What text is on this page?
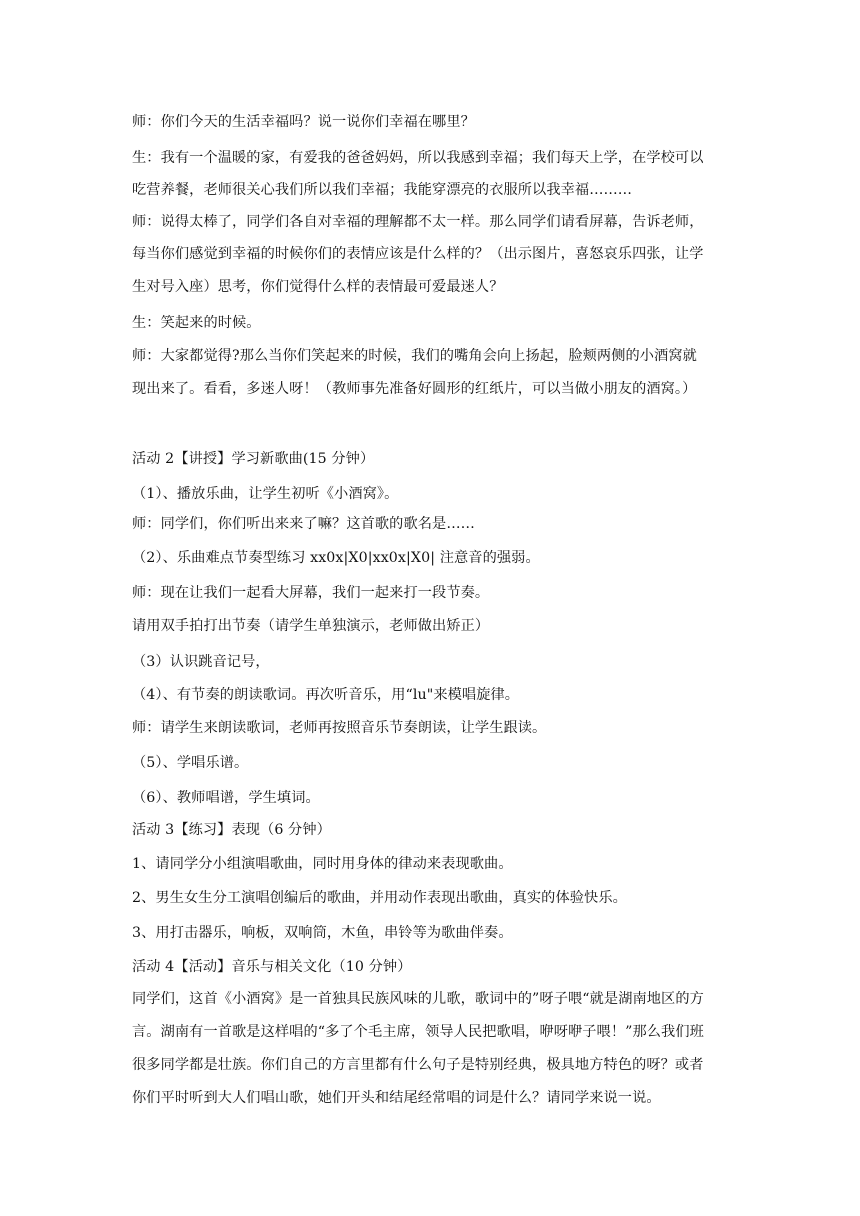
师：你们今天的生活幸福吗？说一说你们幸福在哪里？
生：我有一个温暖的家，有爱我的爸爸妈妈，所以我感到幸福；我们每天上学，在学校可以
吃营养餐，老师很关心我们所以我们幸福；我能穿漂亮的衣服所以我幸福………
师：说得太棒了，同学们各自对幸福的理解都不太一样。那么同学们请看屏幕，告诉老师，
每当你们感觉到幸福的时候你们的表情应该是什么样的？（出示图片，喜怒哀乐四张，让学
生对号入座）思考，你们觉得什么样的表情最可爱最迷人？
生：笑起来的时候。
师：大家都觉得?那么当你们笑起来的时候，我们的嘴角会向上扬起，脸颊两侧的小酒窝就
现出来了。看看，多迷人呀！（教师事先准备好圆形的红纸片，可以当做小朋友的酒窝。）
活动 2【讲授】学习新歌曲(15 分钟）
（1）、播放乐曲，让学生初听《小酒窝》。
师：同学们，你们听出来来了嘛？这首歌的歌名是……
（2）、乐曲难点节奏型练习 xx0x|X0|xx0x|X0| 注意音的强弱。
师：现在让我们一起看大屏幕，我们一起来打一段节奏。
请用双手拍打出节奏（请学生单独演示，老师做出矫正）
（3）认识跳音记号，
（4）、有节奏的朗读歌词。再次听音乐，用“lu"来模唱旋律。
师：请学生来朗读歌词，老师再按照音乐节奏朗读，让学生跟读。
（5）、学唱乐谱。
（6）、教师唱谱，学生填词。
活动 3【练习】表现（6 分钟）
1、请同学分小组演唱歌曲，同时用身体的律动来表现歌曲。
2、男生女生分工演唱创编后的歌曲，并用动作表现出歌曲，真实的体验快乐。
3、用打击器乐，响板，双响筒，木鱼，串铃等为歌曲伴奏。
活动 4【活动】音乐与相关文化（10 分钟）
同学们，这首《小酒窝》是一首独具民族风味的儿歌，歌词中的”呀子喂“就是湖南地区的方
言。湖南有一首歌是这样唱的“多了个毛主席，领导人民把歌唱，咿呀咿子喂！”那么我们班
很多同学都是壮族。你们自己的方言里都有什么句子是特别经典，极具地方特色的呀？或者
你们平时听到大人们唱山歌，她们开头和结尾经常唱的词是什么？请同学来说一说。
